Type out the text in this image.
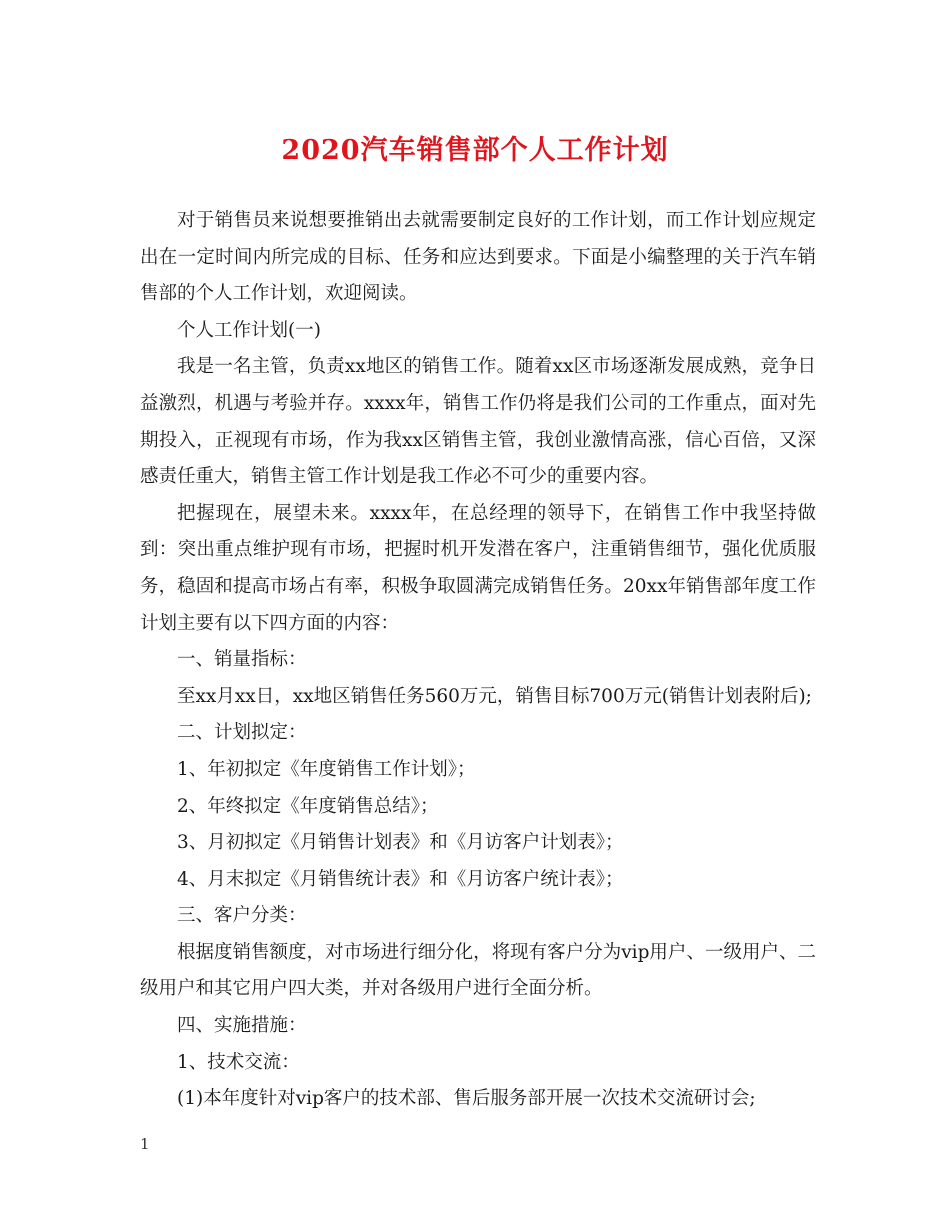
2020汽车销售部个人工作计划

对于销售员来说想要推销出去就需要制定良好的工作计划，而工作计划应规定出在一定时间内所完成的目标、任务和应达到要求。下面是小编整理的关于汽车销售部的个人工作计划，欢迎阅读。

个人工作计划(一)

我是一名主管，负责xx地区的销售工作。随着xx区市场逐渐发展成熟，竞争日益激烈，机遇与考验并存。xxxx年，销售工作仍将是我们公司的工作重点，面对先期投入，正视现有市场，作为我xx区销售主管，我创业激情高涨，信心百倍，又深感责任重大，销售主管工作计划是我工作必不可少的重要内容。

把握现在，展望未来。xxxx年，在总经理的领导下，在销售工作中我坚持做到：突出重点维护现有市场，把握时机开发潜在客户，注重销售细节，强化优质服务，稳固和提高市场占有率，积极争取圆满完成销售任务。20xx年销售部年度工作计划主要有以下四方面的内容：

一、销量指标：

至xx月xx日，xx地区销售任务560万元，销售目标700万元(销售计划表附后);

二、计划拟定：

1、年初拟定《年度销售工作计划》；

2、年终拟定《年度销售总结》；

3、月初拟定《月销售计划表》和《月访客户计划表》；

4、月末拟定《月销售统计表》和《月访客户统计表》；

三、客户分类：

根据度销售额度，对市场进行细分化，将现有客户分为vip用户、一级用户、二级用户和其它用户四大类，并对各级用户进行全面分析。

四、实施措施：

1、技术交流：

(1)本年度针对vip客户的技术部、售后服务部开展一次技术交流研讨会;

1
